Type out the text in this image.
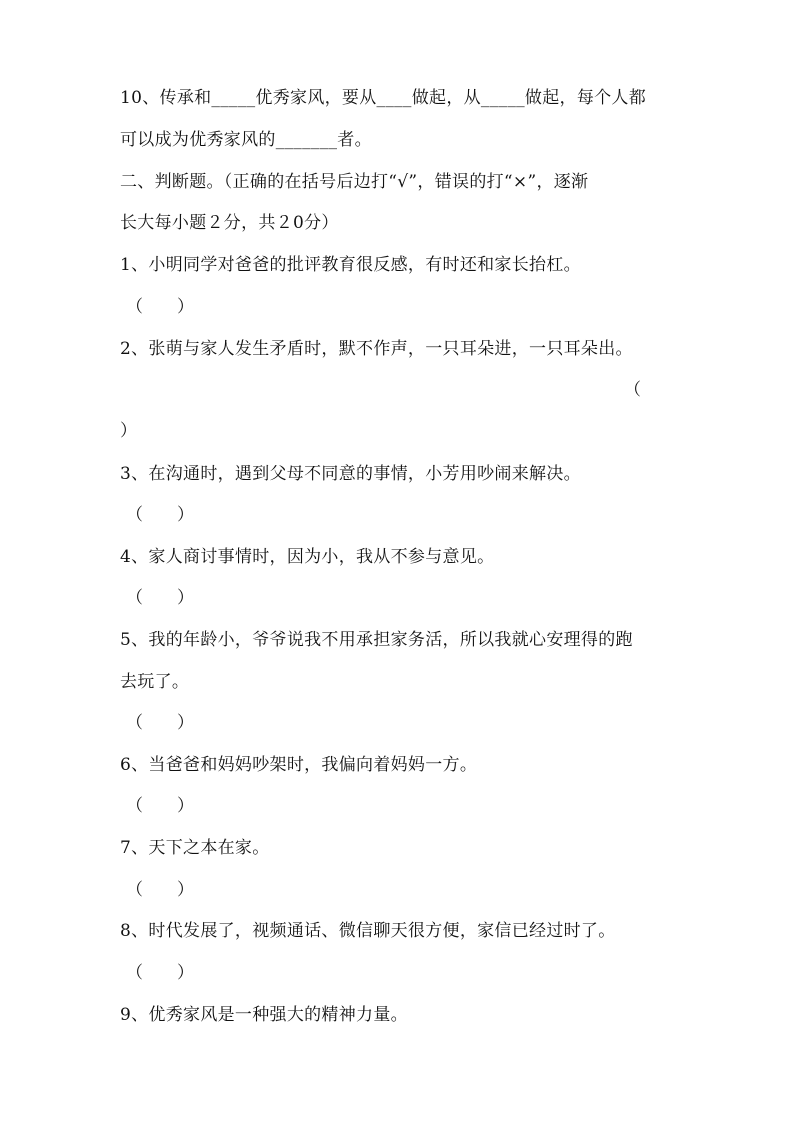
10、传承和_____优秀家风，要从____做起，从_____做起，每个人都
可以成为优秀家风的_______者。
二、判断题。（正确的在括号后边打“√”，错误的打“×”，逐渐
长大每小题２分，共２0分）
1、小明同学对爸爸的批评教育很反感，有时还和家长抬杠。
（　　）
2、张萌与家人发生矛盾时，默不作声，一只耳朵进，一只耳朵出。
（
）
3、在沟通时，遇到父母不同意的事情，小芳用吵闹来解决。
（　　）
4、家人商讨事情时，因为小，我从不参与意见。
（　　）
5、我的年龄小，爷爷说我不用承担家务活，所以我就心安理得的跑
去玩了。
（　　）
6、当爸爸和妈妈吵架时，我偏向着妈妈一方。
（　　）
7、天下之本在家。
（　　）
8、时代发展了，视频通话、微信聊天很方便，家信已经过时了。
（　　）
9、优秀家风是一种强大的精神力量。
